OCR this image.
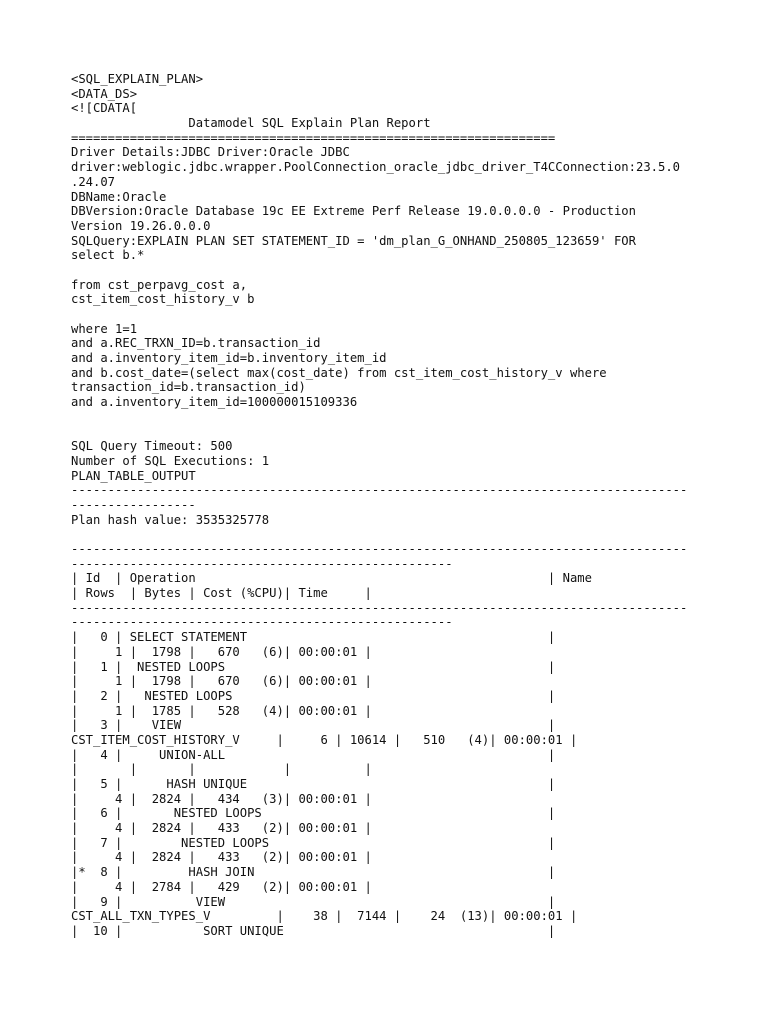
<SQL_EXPLAIN_PLAN>
<DATA_DS>
<![CDATA[
Datamodel SQL Explain Plan Report
==================================================================
Driver Details:JDBC Driver:Oracle JDBC
driver:weblogic.jdbc.wrapper.PoolConnection_oracle_jdbc_driver_T4CConnection:23.5.0
.24.07
DBName:Oracle
DBVersion:Oracle Database 19c EE Extreme Perf Release 19.0.0.0.0 - Production
Version 19.26.0.0.0
SQLQuery:EXPLAIN PLAN SET STATEMENT_ID = 'dm_plan_G_ONHAND_250805_123659' FOR
select b.*
from cst_perpavg_cost a,
cst_item_cost_history_v b
where 1=1
and a.REC_TRXN_ID=b.transaction_id
and a.inventory_item_id=b.inventory_item_id
and b.cost_date=(select max(cost_date) from cst_item_cost_history_v where
transaction_id=b.transaction_id)
and a.inventory_item_id=100000015109336
SQL Query Timeout: 500
Number of SQL Executions: 1
PLAN_TABLE_OUTPUT
------------------------------------------------------------------------------------
-----------------
Plan hash value: 3535325778
------------------------------------------------------------------------------------
----------------------------------------------------
| Id  | Operation                                                | Name
| Rows  | Bytes | Cost (%CPU)| Time     |
------------------------------------------------------------------------------------
----------------------------------------------------
|   0 | SELECT STATEMENT                                         |
|     1 |  1798 |   670   (6)| 00:00:01 |
|   1 |  NESTED LOOPS                                            |
|     1 |  1798 |   670   (6)| 00:00:01 |
|   2 |   NESTED LOOPS                                           |
|     1 |  1785 |   528   (4)| 00:00:01 |
|   3 |    VIEW                                                  |
CST_ITEM_COST_HISTORY_V     |     6 | 10614 |   510   (4)| 00:00:01 |
|   4 |     UNION-ALL                                            |
|       |       |            |          |
|   5 |      HASH UNIQUE                                         |
|     4 |  2824 |   434   (3)| 00:00:01 |
|   6 |       NESTED LOOPS                                       |
|     4 |  2824 |   433   (2)| 00:00:01 |
|   7 |        NESTED LOOPS                                      |
|     4 |  2824 |   433   (2)| 00:00:01 |
|*  8 |         HASH JOIN                                        |
|     4 |  2784 |   429   (2)| 00:00:01 |
|   9 |          VIEW                                            |
CST_ALL_TXN_TYPES_V         |    38 |  7144 |    24  (13)| 00:00:01 |
|  10 |           SORT UNIQUE                                    |
